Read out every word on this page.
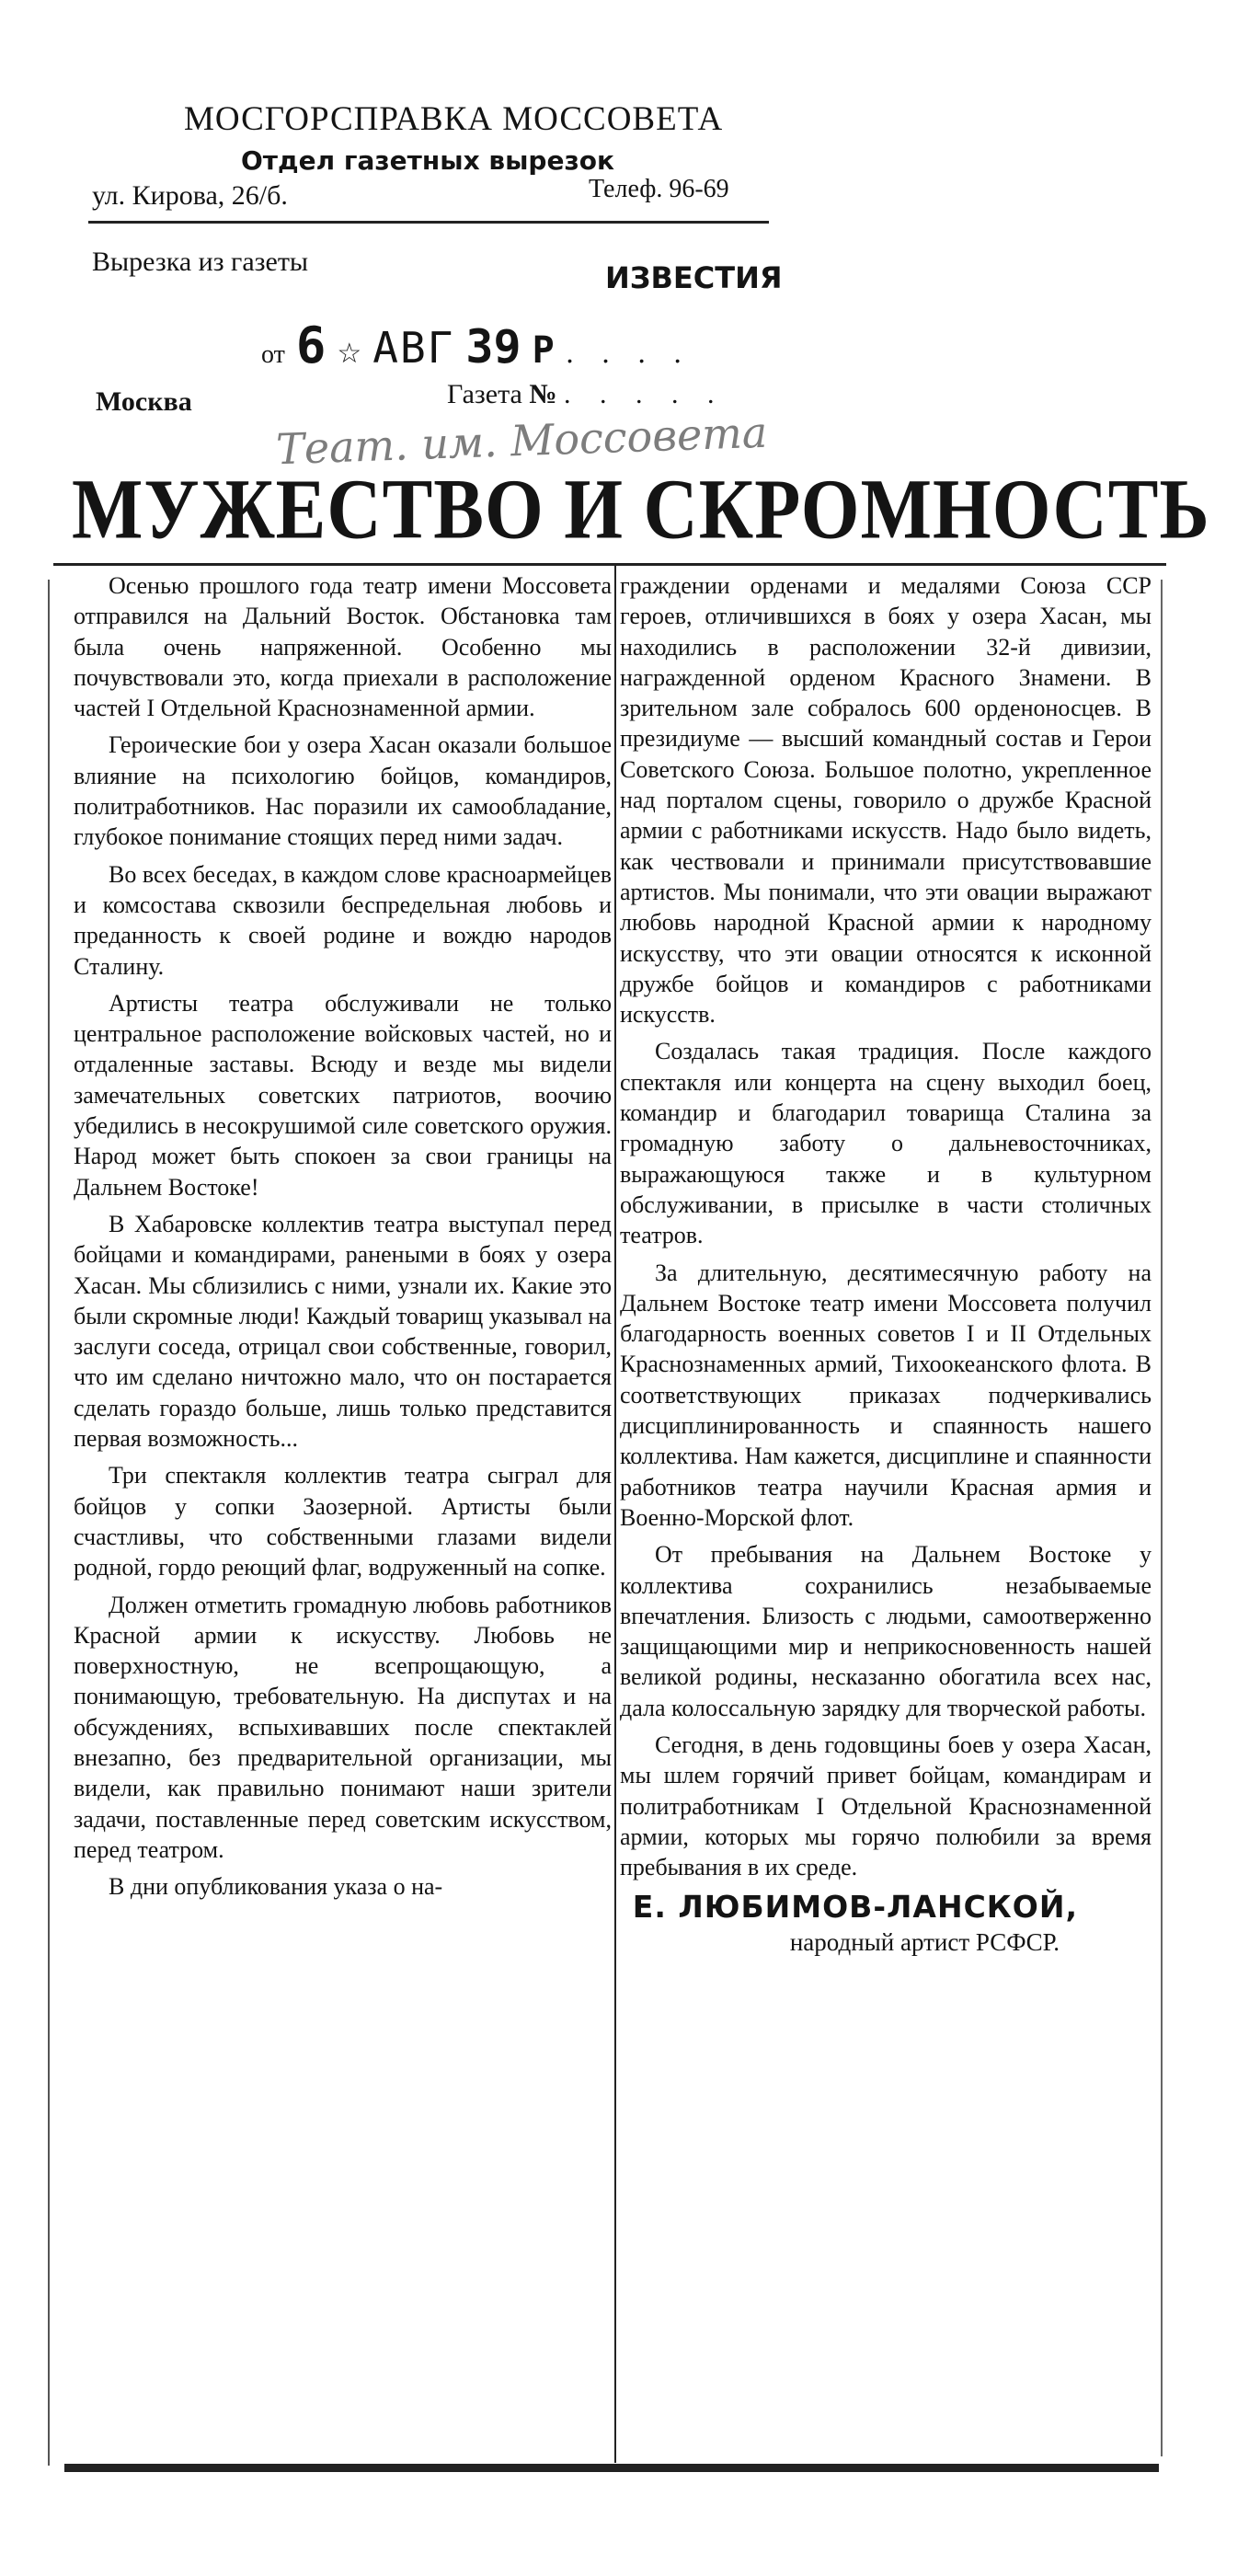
МОСГОРСПРАВКА МОССОВЕТА
Отдел газетных вырезок
ул. Кирова, 26/б.	Телеф. 96-69
Вырезка из газеты	ИЗВЕСТИЯ
от 6 ☆ АВГ 39 Р . . . .
Москва	Газета № . . . . .
Теат. им. Моссовета
МУЖЕСТВО И СКРОМНОСТЬ

Осенью прошлого года театр имени Моссовета отправился на Дальний Восток. Обстановка там была очень напряженной. Особенно мы почувствовали это, когда приехали в расположение частей I Отдельной Краснознаменной армии.

Героические бои у озера Хасан оказали большое влияние на психологию бойцов, командиров, политработников. Нас поразили их самообладание, глубокое понимание стоящих перед ними задач.

Во всех беседах, в каждом слове красноармейцев и комсостава сквозили беспредельная любовь и преданность к своей родине и вождю народов Сталину.

Артисты театра обслуживали не только центральное расположение войсковых частей, но и отдаленные заставы. Всюду и везде мы видели замечательных советских патриотов, воочию убедились в несокрушимой силе советского оружия. Народ может быть спокоен за свои границы на Дальнем Востоке!

В Хабаровске коллектив театра выступал перед бойцами и командирами, ранеными в боях у озера Хасан. Мы сблизились с ними, узнали их. Какие это были скромные люди! Каждый товарищ указывал на заслуги соседа, отрицал свои собственные, говорил, что им сделано ничтожно мало, что он постарается сделать гораздо больше, лишь только представится первая возможность...

Три спектакля коллектив театра сыграл для бойцов у сопки Заозерной. Артисты были счастливы, что собственными глазами видели родной, гордо реющий флаг, водруженный на сопке.

Должен отметить громадную любовь работников Красной армии к искусству. Любовь не поверхностную, не всепрощающую, а понимающую, требовательную. На диспутах и на обсуждениях, вспыхивавших после спектаклей внезапно, без предварительной организации, мы видели, как правильно понимают наши зрители задачи, поставленные перед советским искусством, перед театром.

В дни опубликования указа о на-

граждении орденами и медалями Союза ССР героев, отличившихся в боях у озера Хасан, мы находились в расположении 32-й дивизии, награжденной орденом Красного Знамени. В зрительном зале собралось 600 орденоносцев. В президиуме — высший командный состав и Герои Советского Союза. Большое полотно, укрепленное над порталом сцены, говорило о дружбе Красной армии с работниками искусств. Надо было видеть, как чествовали и принимали присутствовавшие артистов. Мы понимали, что эти овации выражают любовь народной Красной армии к народному искусству, что эти овации относятся к исконной дружбе бойцов и командиров с работниками искусств.

Создалась такая традиция. После каждого спектакля или концерта на сцену выходил боец, командир и благодарил товарища Сталина за громадную заботу о дальневосточниках, выражающуюся также и в культурном обслуживании, в присылке в части столичных театров.

За длительную, десятимесячную работу на Дальнем Востоке театр имени Моссовета получил благодарность военных советов I и II Отдельных Краснознаменных армий, Тихоокеанского флота. В соответствующих приказах подчеркивались дисциплинированность и спаянность нашего коллектива. Нам кажется, дисциплине и спаянности работников театра научили Красная армия и Военно-Морской флот.

От пребывания на Дальнем Востоке у коллектива сохранились незабываемые впечатления. Близость с людьми, самоотверженно защищающими мир и неприкосновенность нашей великой родины, несказанно обогатила всех нас, дала колоссальную зарядку для творческой работы.

Сегодня, в день годовщины боев у озера Хасан, мы шлем горячий привет бойцам, командирам и политработникам I Отдельной Краснознаменной армии, которых мы горячо полюбили за время пребывания в их среде.

Е. ЛЮБИМОВ-ЛАНСКОЙ,
народный артист РСФСР.
